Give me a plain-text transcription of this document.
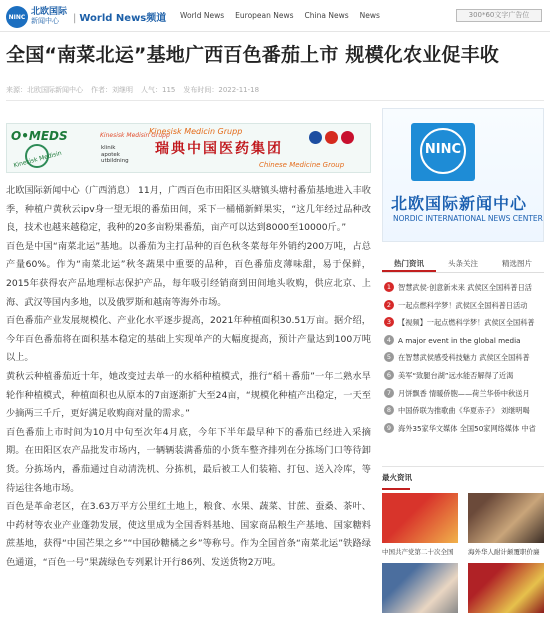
NINC 北欧国际
新闻中心	| World News频道 World News European News China News News	300*60文字广告位
全国“南菜北运”基地广西百色番茄上市 规模化农业促丰收
来源：北欧国际新闻中心 作者：刘继明 人气：115 发布时间：2022-11-18
O•MEDS
Kinesisk Medisin
Kinesisk Medisin Grupp
klinik
apotek
utbildning
Kinesisk Medicin Grupp
瑞典中国医药集团
Chinese Medicine Group

北欧国际新闻中心（广西消息） 11月，广西百色市田阳区头塘镇头塘村番茄基地进入丰收季，种植户黄秋云ipv身一望无垠的番茄田间，采下一桶桶新鲜果实，“这几年经过品种改良，技术也越来越稳定，我种的20多亩粉果番茄，亩产可以达到8000至10000斤。”

百色是中国“南菜北运”基地。以番茄为主打品种的百色秋冬菜每年外销约200万吨，占总产量60%。作为“南菜北运”秋冬蔬果中重要的品种，百色番茄皮薄味甜，易于保鲜，2015年获得农产品地理标志保护产品，每年吸引经销商到田间地头收购，供应北京、上海、武汉等国内多地，以及俄罗斯和越南等海外市场。

百色番茄产业发展规模化、产业化水平逐步提高，2021年种植面积30.51万亩。据介绍，今年百色番茄将在面积基本稳定的基础上实现单产的大幅度提高，预计产量达到100万吨以上。

黄秋云种植番茄近十年，她改变过去单一的水稻种植模式，推行“稻＋番茄”一年二熟水旱轮作种植模式，种植面积也从原本的7亩逐渐扩大至24亩，“规模化种植产出稳定，一天至少摘两三千斤，更好满足收购商对量的需求。”

百色番茄上市时间为10月中旬至次年4月底，今年下半年最早种下的番茄已经进入采摘期。在田阳区农产品批发市场内，一辆辆装满番茄的小货车整齐排列在分拣场门口等待卸货。分拣场内，番茄通过自动清洗机、分拣机，最后被工人们装箱、打包、送入冷库，等待运往各地市场。

百色是革命老区，在3.63万平方公里红土地上，粮食、水果、蔬菜、甘蔗、蚕桑、茶叶、中药材等农业产业蓬勃发展，使这里成为全国香料基地、国家商品粮生产基地、国家糖料蔗基地，获得“中国芒果之乡”“中国砂糖橘之乡”等称号。作为全国首条“南菜北运”铁路绿色通道，“百色一号”果蔬绿色专列累计开行86列、发送货物2万吨。

NINC
北欧国际新闻中心
NORDIC INTERNATIONAL NEWS CENTER
热门资讯	头条关注	精选图片
1 智慧武侯·创意新未来 武侯区全国科普日活
2 一起点燃科学梦！武侯区全国科普日活动
3 【视频】一起点燃科学梦！武侯区全国科普
4 A major event in the global media
5 在智慧武侯感受科技魅力 武侯区全国科普
6 美军“致腿台湖”远水能否解得了近渴
7 月饼飘香 情暖侨胞——荷兰华侨中秋送月
8 中国侨联为推歌曲《华夏赤子》 刘继明喝
9 海外35家华文媒体 全国50家网络媒体 中省
最火资讯

中国共产党第二十次全国	海外华人耐计颠覆职价廉
